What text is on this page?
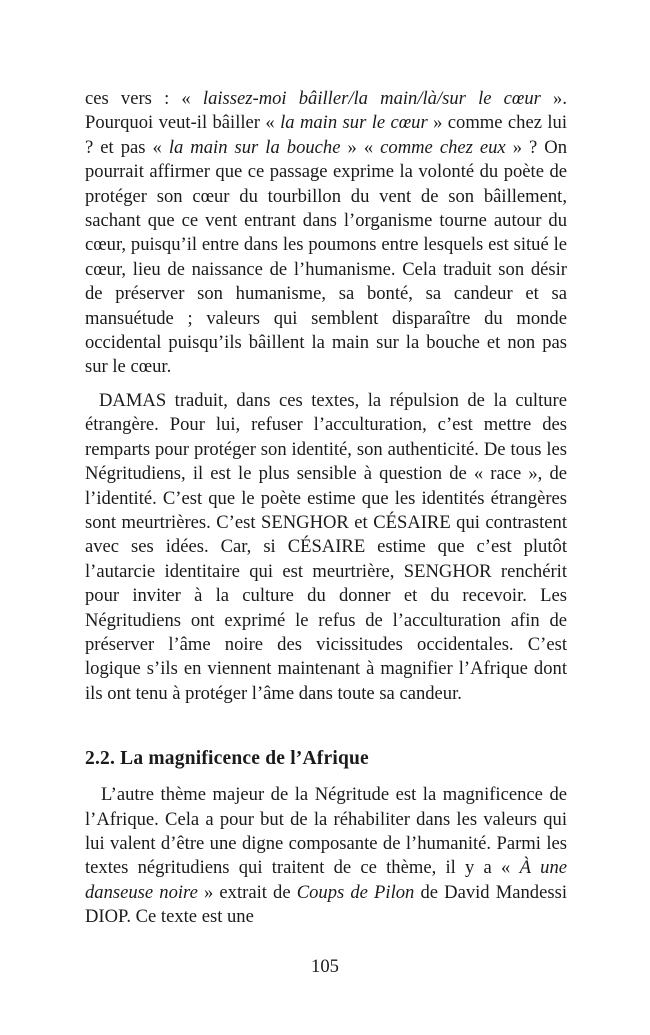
ces vers : « laissez-moi bâiller/la main/là/sur le cœur ». Pourquoi veut-il bâiller « la main sur le cœur » comme chez lui ? et pas « la main sur la bouche » « comme chez eux » ? On pourrait affirmer que ce passage exprime la volonté du poète de protéger son cœur du tourbillon du vent de son bâillement, sachant que ce vent entrant dans l’organisme tourne autour du cœur, puisqu’il entre dans les poumons entre lesquels est situé le cœur, lieu de naissance de l’humanisme. Cela traduit son désir de préserver son humanisme, sa bonté, sa candeur et sa mansuétude ; valeurs qui semblent disparaître du monde occidental puisqu’ils bâillent la main sur la bouche et non pas sur le cœur.

DAMAS traduit, dans ces textes, la répulsion de la culture étrangère. Pour lui, refuser l’acculturation, c’est mettre des remparts pour protéger son identité, son authenticité. De tous les Négritudiens, il est le plus sensible à question de « race », de l’identité. C’est que le poète estime que les identités étrangères sont meurtrières. C’est SENGHOR et CÉSAIRE qui contrastent avec ses idées. Car, si CÉSAIRE estime que c’est plutôt l’autarcie identitaire qui est meurtrière, SENGHOR renchérit pour inviter à la culture du donner et du recevoir. Les Négritudiens ont exprimé le refus de l’acculturation afin de préserver l’âme noire des vicissitudes occidentales. C’est logique s’ils en viennent maintenant à magnifier l’Afrique dont ils ont tenu à protéger l’âme dans toute sa candeur.

2.2. La magnificence de l’Afrique

L’autre thème majeur de la Négritude est la magnificence de l’Afrique. Cela a pour but de la réhabiliter dans les valeurs qui lui valent d’être une digne composante de l’humanité. Parmi les textes négritudiens qui traitent de ce thème, il y a « À une danseuse noire » extrait de Coups de Pilon de David Mandessi DIOP. Ce texte est une

105
